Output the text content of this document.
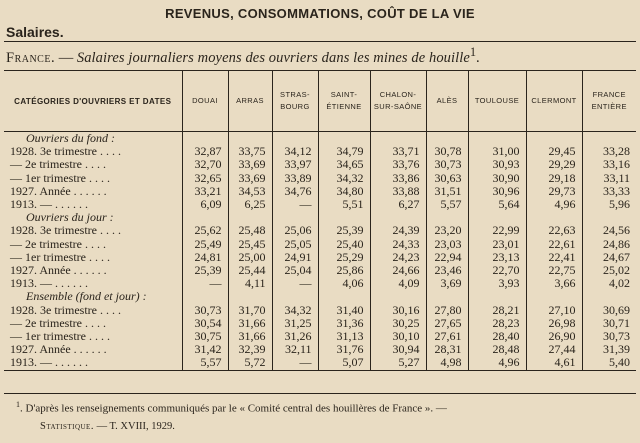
REVENUS, CONSOMMATIONS, COÛT DE LA VIE
Salaires.
France. — Salaires journaliers moyens des ouvriers dans les mines de houille$^1$.
CATÉGORIES D'OUVRIERS ET DATES	DOUAI	ARRAS	STRAS-BOURG	SAINT-ÉTIENNE	CHALON-SUR-SAÔNE	ALÈS	TOULOUSE	CLERMONT	FRANCE ENTIÈRE
Ouvriers du fond :									
1928. 3e trimestre . . . .	32,87	33,75	34,12	34,79	33,71	30,78	31,00	29,45	33,28
— 2e trimestre . . . .	32,70	33,69	33,97	34,65	33,76	30,73	30,93	29,29	33,16
— 1er trimestre . . . .	32,65	33,69	33,89	34,32	33,86	30,63	30,90	29,18	33,11
1927. Année . . . . . .	33,21	34,53	34,76	34,80	33,88	31,51	30,96	29,73	33,33
1913. — . . . . . .	6,09	6,25	—	5,51	6,27	5,57	5,64	4,96	5,96
Ouvriers du jour :									
1928. 3e trimestre . . . .	25,62	25,48	25,06	25,39	24,39	23,20	22,99	22,63	24,56
— 2e trimestre . . . .	25,49	25,45	25,05	25,40	24,33	23,03	23,01	22,61	24,86
— 1er trimestre . . . .	24,81	25,00	24,91	25,29	24,23	22,94	23,13	22,41	24,67
1927. Année . . . . . .	25,39	25,44	25,04	25,86	24,66	23,46	22,70	22,75	25,02
1913. — . . . . . .	—	4,11	—	4,06	4,09	3,69	3,93	3,66	4,02
Ensemble (fond et jour) :									
1928. 3e trimestre . . . .	30,73	31,70	34,32	31,40	30,16	27,80	28,21	27,10	30,69
— 2e trimestre . . . .	30,54	31,66	31,25	31,36	30,25	27,65	28,23	26,98	30,71
— 1er trimestre . . . .	30,75	31,66	31,26	31,13	30,10	27,61	28,40	26,90	30,73
1927. Année . . . . . .	31,42	32,39	32,11	31,76	30,94	28,31	28,48	27,44	31,39
1913. — . . . . . .	5,57	5,72	—	5,07	5,27	4,98	4,96	4,61	5,40
$^1$. D'après les renseignements communiqués par le « Comité central des houillères de France ». —
Statistique. — T. XVIII, 1929.
